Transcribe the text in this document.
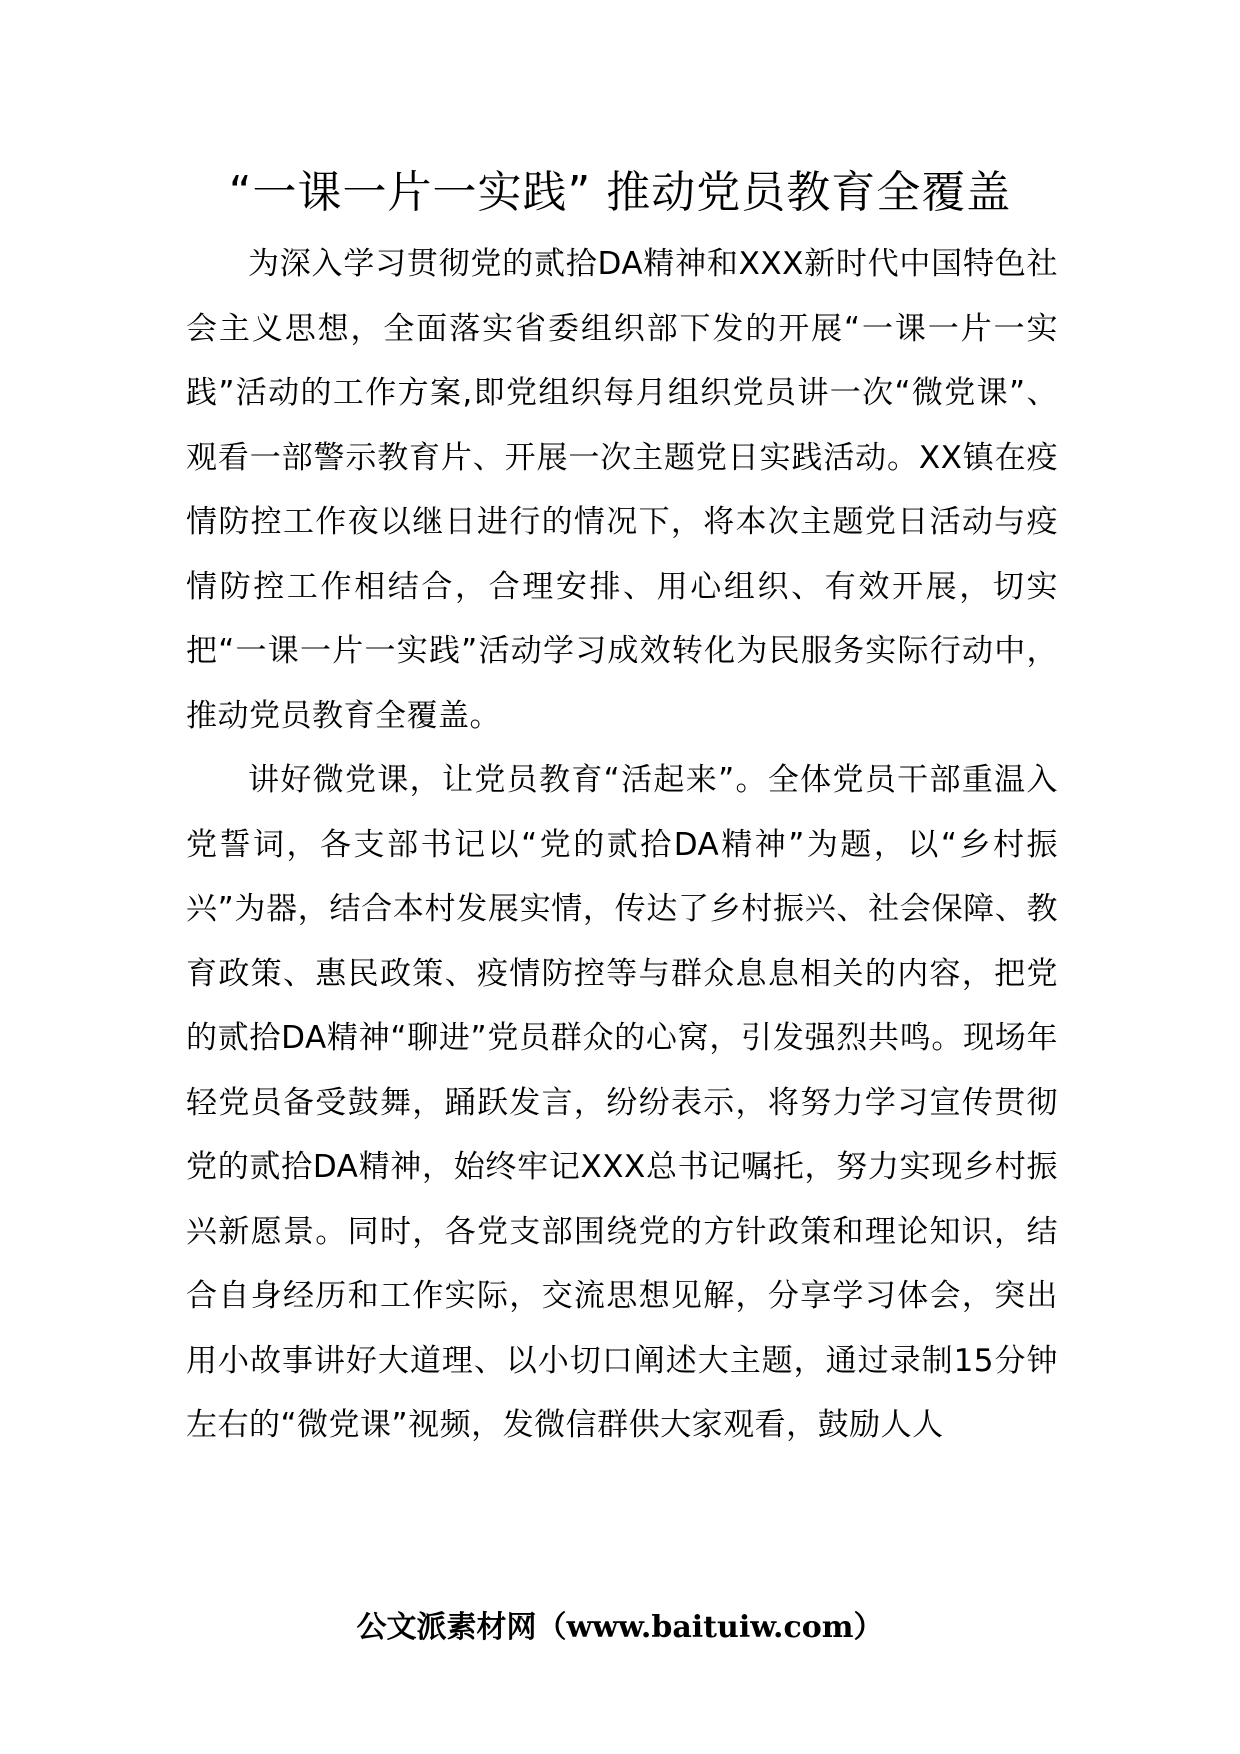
“一课一片一实践” 推动党员教育全覆盖

为深入学习贯彻党的贰拾DA精神和XXX新时代中国特色社会主义思想，全面落实省委组织部下发的开展“一课一片一实践”活动的工作方案,即党组织每月组织党员讲一次“微党课”、观看一部警示教育片、开展一次主题党日实践活动。XX镇在疫情防控工作夜以继日进行的情况下，将本次主题党日活动与疫情防控工作相结合，合理安排、用心组织、有效开展，切实把“一课一片一实践”活动学习成效转化为民服务实际行动中，推动党员教育全覆盖。

讲好微党课，让党员教育“活起来”。全体党员干部重温入党誓词，各支部书记以“党的贰拾DA精神”为题，以“乡村振兴”为器，结合本村发展实情，传达了乡村振兴、社会保障、教育政策、惠民政策、疫情防控等与群众息息相关的内容，把党的贰拾DA精神“聊进”党员群众的心窝，引发强烈共鸣。现场年轻党员备受鼓舞，踊跃发言，纷纷表示，将努力学习宣传贯彻党的贰拾DA精神，始终牢记XXX总书记嘱托，努力实现乡村振兴新愿景。同时，各党支部围绕党的方针政策和理论知识，结合自身经历和工作实际，交流思想见解，分享学习体会，突出用小故事讲好大道理、以小切口阐述大主题，通过录制15分钟左右的“微党课”视频，发微信群供大家观看，鼓励人人

公文派素材网（www.baituiw.com）
